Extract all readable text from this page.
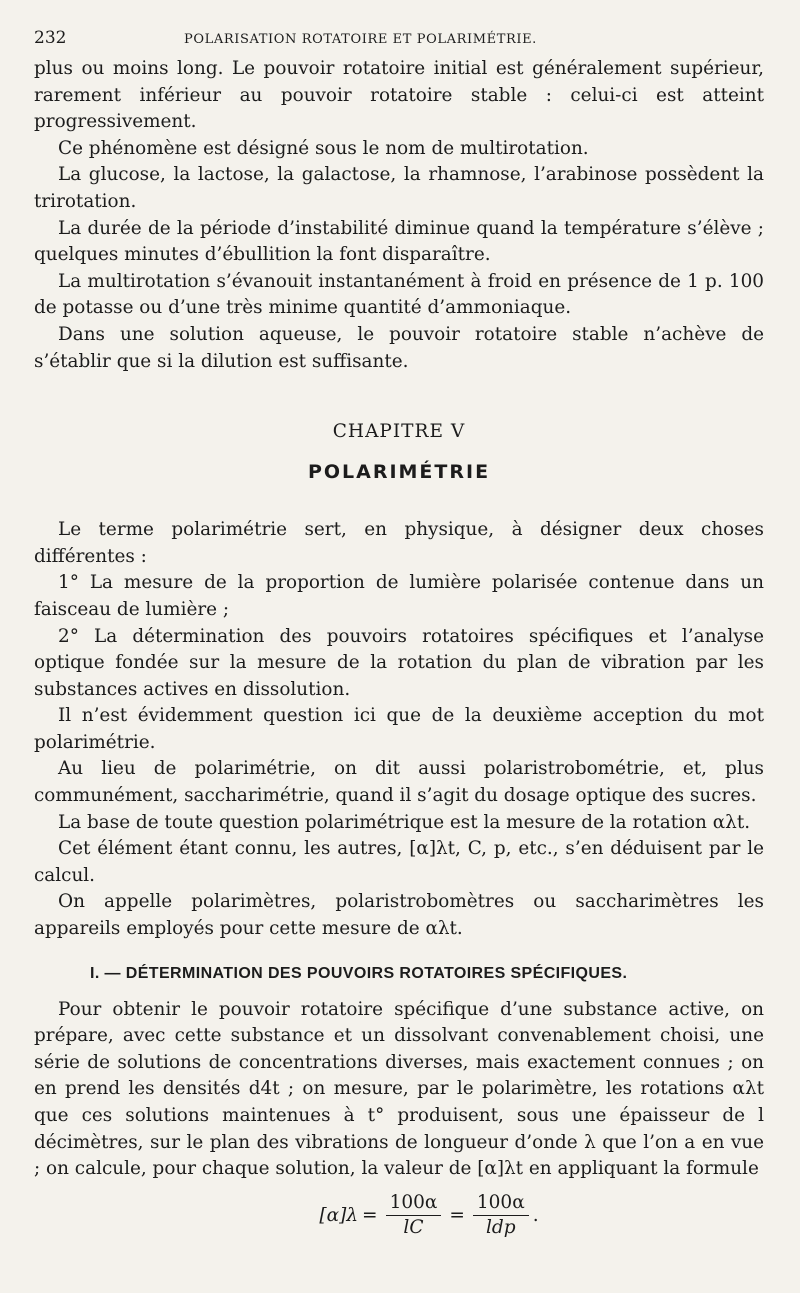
232	POLARISATION ROTATOIRE ET POLARIMÉTRIE.

plus ou moins long. Le pouvoir rotatoire initial est généralement supérieur, rarement inférieur au pouvoir rotatoire stable : celui-ci est atteint progressivement.

Ce phénomène est désigné sous le nom de multirotation.

La glucose, la lactose, la galactose, la rhamnose, l’arabinose possèdent la trirotation.

La durée de la période d’instabilité diminue quand la température s’élève ; quelques minutes d’ébullition la font disparaître.

La multirotation s’évanouit instantanément à froid en présence de 1 p. 100 de potasse ou d’une très minime quantité d’ammoniaque.

Dans une solution aqueuse, le pouvoir rotatoire stable n’achève de s’établir que si la dilution est suffisante.

CHAPITRE V
POLARIMÉTRIE

Le terme polarimétrie sert, en physique, à désigner deux choses différentes :

1° La mesure de la proportion de lumière polarisée contenue dans un faisceau de lumière ;

2° La détermination des pouvoirs rotatoires spécifiques et l’analyse optique fondée sur la mesure de la rotation du plan de vibration par les substances actives en dissolution.

Il n’est évidemment question ici que de la deuxième acception du mot polarimétrie.

Au lieu de polarimétrie, on dit aussi polaristrobométrie, et, plus communément, saccharimétrie, quand il s’agit du dosage optique des sucres.

La base de toute question polarimétrique est la mesure de la rotation αλt.

Cet élément étant connu, les autres, [α]λt, C, p, etc., s’en déduisent par le calcul.

On appelle polarimètres, polaristrobomètres ou saccharimètres les appareils employés pour cette mesure de αλt.

I. — DÉTERMINATION DES POUVOIRS ROTATOIRES SPÉCIFIQUES.

Pour obtenir le pouvoir rotatoire spécifique d’une substance active, on prépare, avec cette substance et un dissolvant convenablement choisi, une série de solutions de concentrations diverses, mais exactement connues ; on en prend les densités d4t ; on mesure, par le polarimètre, les rotations αλt que ces solutions maintenues à t° produisent, sous une épaisseur de l décimètres, sur le plan des vibrations de longueur d’onde λ que l’on a en vue ; on calcule, pour chaque solution, la valeur de [α]λt en appliquant la formule

$[\alpha]\lambda = \frac{100\alpha}{lC} = \frac{100\alpha}{\text{ldp}}$ .
